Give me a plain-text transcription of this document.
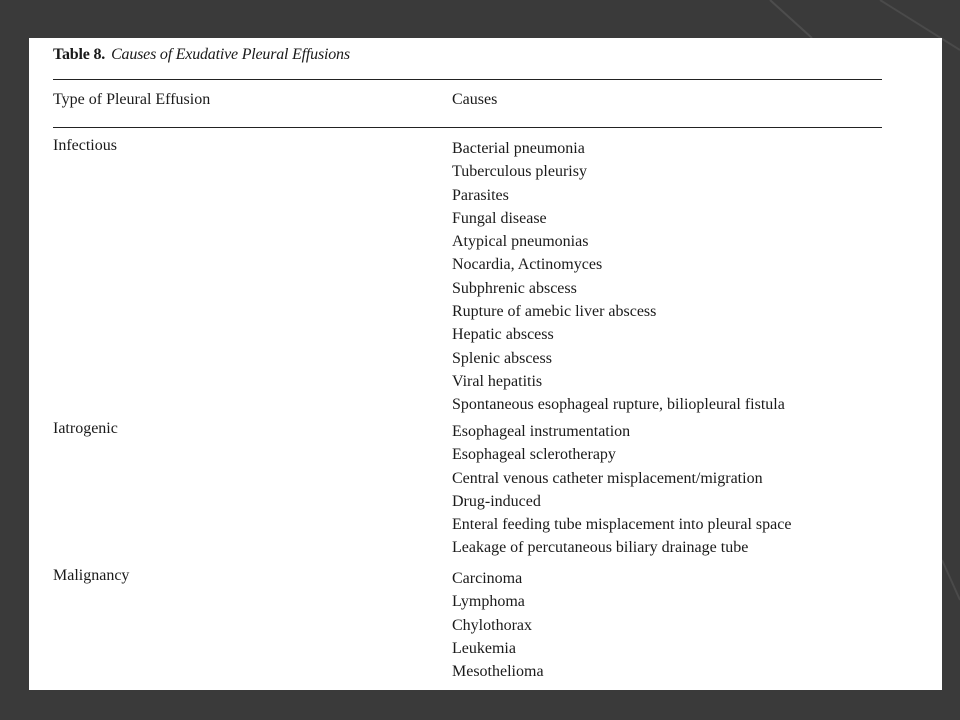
Table 8. Causes of Exudative Pleural Effusions
Type of Pleural Effusion	Causes
Infectious	Bacterial pneumonia
Tuberculous pleurisy
Parasites
Fungal disease
Atypical pneumonias
Nocardia, Actinomyces
Subphrenic abscess
Rupture of amebic liver abscess
Hepatic abscess
Splenic abscess
Viral hepatitis
Spontaneous esophageal rupture, biliopleural fistula
Iatrogenic	Esophageal instrumentation
Esophageal sclerotherapy
Central venous catheter misplacement/migration
Drug-induced
Enteral feeding tube misplacement into pleural space
Leakage of percutaneous biliary drainage tube
Malignancy	Carcinoma
Lymphoma
Chylothorax
Leukemia
Mesothelioma
